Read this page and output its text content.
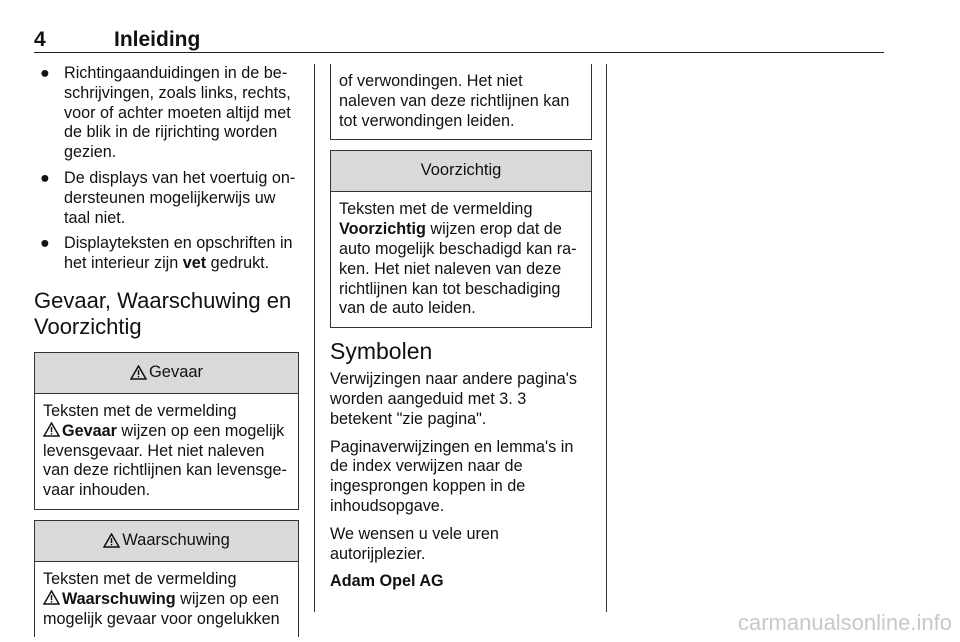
4	Inleiding
● Richtingaanduidingen in de beschrijvingen, zoals links, rechts, voor of achter moeten altijd met de blik in de rijrichting worden gezien.
● De displays van het voertuig ondersteunen mogelijkerwijs uw taal niet.
● Displayteksten en opschriften in het interieur zijn vet gedrukt.
Gevaar, Waarschuwing en Voorzichtig
Gevaar
Teksten met de vermelding
Gevaar wijzen op een mogelijk levensgevaar. Het niet naleven van deze richtlijnen kan levensgevaar inhouden.
Waarschuwing
Teksten met de vermelding
Waarschuwing wijzen op een mogelijk gevaar voor ongelukken
of verwondingen. Het niet naleven van deze richtlijnen kan tot verwondingen leiden.
Voorzichtig
Teksten met de vermelding
Voorzichtig wijzen erop dat de auto mogelijk beschadigd kan raken. Het niet naleven van deze richtlijnen kan tot beschadiging van de auto leiden.
Symbolen

Verwijzingen naar andere pagina's worden aangeduid met 3. 3 betekent "zie pagina".

Paginaverwijzingen en lemma's in de index verwijzen naar de ingesprongen koppen in de inhoudsopgave.

We wensen u vele uren autorijplezier.

Adam Opel AG

carmanualsonline.info
